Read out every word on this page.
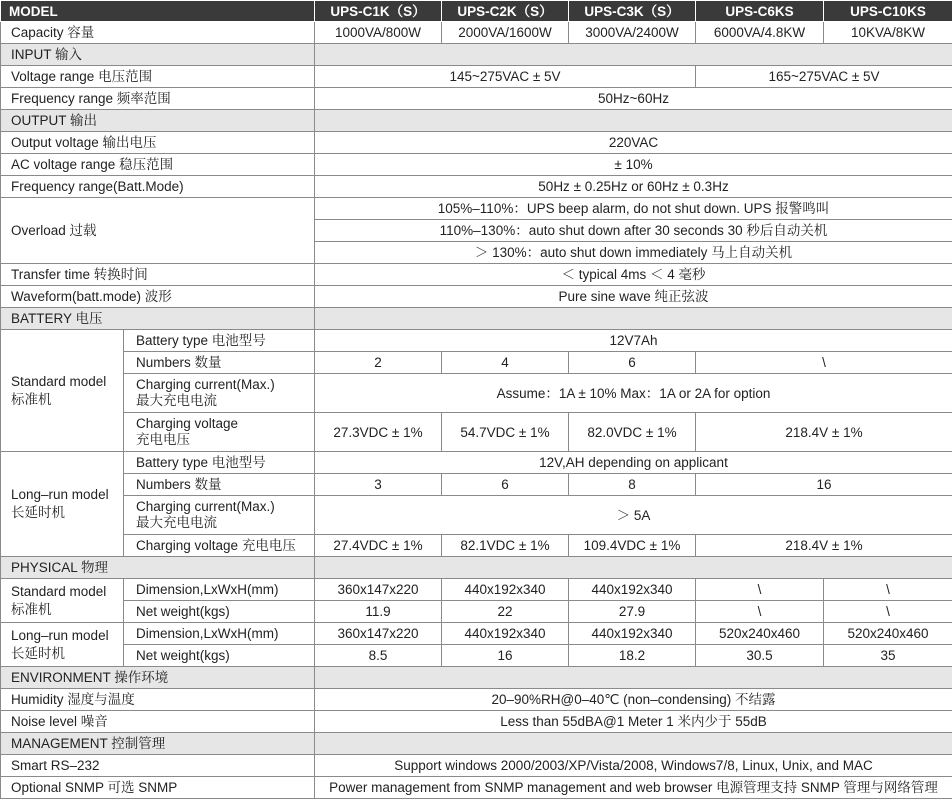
MODEL		UPS-C1K（S）	UPS-C2K（S）	UPS-C3K（S）	UPS-C6KS	UPS-C10KS
Capacity 容量		1000VA/800W	2000VA/1600W	3000VA/2400W	6000VA/4.8KW	10KVA/8KW
INPUT 输入						
Voltage range 电压范围		145~275VAC ± 5V			165~275VAC ± 5V	
Frequency range 频率范围		50Hz~60Hz				
OUTPUT 输出						
Output voltage 输出电压		220VAC				
AC voltage range 稳压范围		± 10%				
Frequency range(Batt.Mode)		50Hz ± 0.25Hz or 60Hz ± 0.3Hz				
Overload 过载		105%–110%：UPS beep alarm, do not shut down. UPS 报警鸣叫				
		110%–130%：auto shut down after 30 seconds 30 秒后自动关机				
		＞ 130%：auto shut down immediately 马上自动关机				
Transfer time 转换时间		＜ typical 4ms ＜ 4 毫秒				
Waveform(batt.mode) 波形		Pure sine wave 纯正弦波				
BATTERY 电压						

Standard model
标准机	Battery type 电池型号	12V7Ah				
	Numbers 数量	2	4	6	\	

	Charging current(Max.)
最大充电电流	Assume：1A ± 10% Max：1A or 2A for option				

	Charging voltage
充电电压	27.3VDC ± 1%	54.7VDC ± 1%	82.0VDC ± 1%	218.4V ± 1%	

Long–run model
长延时机	Battery type 电池型号	12V,AH depending on applicant				
	Numbers 数量	3	6	8	16	

	Charging current(Max.)
最大充电电流	＞ 5A				
	Charging voltage 充电电压	27.4VDC ± 1%	82.1VDC ± 1%	109.4VDC ± 1%	218.4V ± 1%	
PHYSICAL 物理						

Standard model
标准机	Dimension,LxWxH(mm)	360x147x220	440x192x340	440x192x340	\	\
	Net weight(kgs)	11.9	22	27.9	\	\

Long–run model
长延时机	Dimension,LxWxH(mm)	360x147x220	440x192x340	440x192x340	520x240x460	520x240x460
	Net weight(kgs)	8.5	16	18.2	30.5	35
ENVIRONMENT 操作环境						
Humidity 湿度与温度		20–90%RH@0–40℃ (non–condensing) 不结露				
Noise level 噪音		Less than 55dBA@1 Meter 1 米内少于 55dB				
MANAGEMENT 控制管理						
Smart RS–232		Support windows 2000/2003/XP/Vista/2008, Windows7/8, Linux, Unix, and MAC				
Optional SNMP 可选 SNMP		Power management from SNMP management and web browser 电源管理支持 SNMP 管理与网络管理				
